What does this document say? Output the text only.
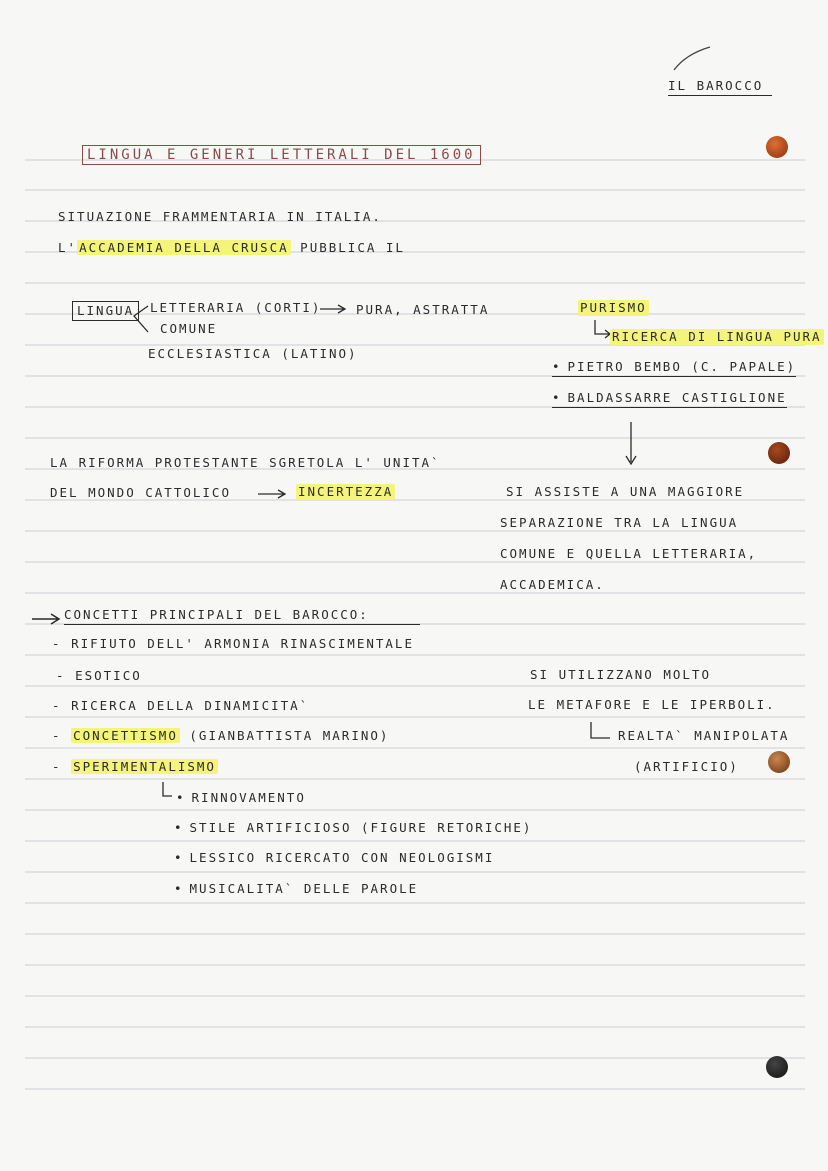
IL BAROCCO
LINGUA E GENERI LETTERALI DEL 1600
SITUAZIONE FRAMMENTARIA IN ITALIA.
L' ACCADEMIA DELLA CRUSCA PUBBLICA IL
LINGUA	LETTERARIA (CORTI)	PURA, ASTRATTA
COMUNE
ECCLESIASTICA (LATINO)
PURISMO
RICERCA DI LINGUA PURA
• PIETRO BEMBO (C. PAPALE)
• BALDASSARRE CASTIGLIONE
LA RIFORMA PROTESTANTE SGRETOLA L' UNITA`
DEL MONDO CATTOLICO	INCERTEZZA	SI ASSISTE A UNA MAGGIORE
SEPARAZIONE TRA LA LINGUA
COMUNE E QUELLA LETTERARIA,
ACCADEMICA.
CONCETTI PRINCIPALI DEL BAROCCO:
- RIFIUTO DELL' ARMONIA RINASCIMENTALE
- ESOTICO
- RICERCA DELLA DINAMICITA`
- CONCETTISMO (GIANBATTISTA MARINO)
- SPERIMENTALISMO
• RINNOVAMENTO
• STILE ARTIFICIOSO (FIGURE RETORICHE)
• LESSICO RICERCATO CON NEOLOGISMI
• MUSICALITA` DELLE PAROLE
SI UTILIZZANO MOLTO
LE METAFORE E LE IPERBOLI.
REALTA` MANIPOLATA
(ARTIFICIO)
